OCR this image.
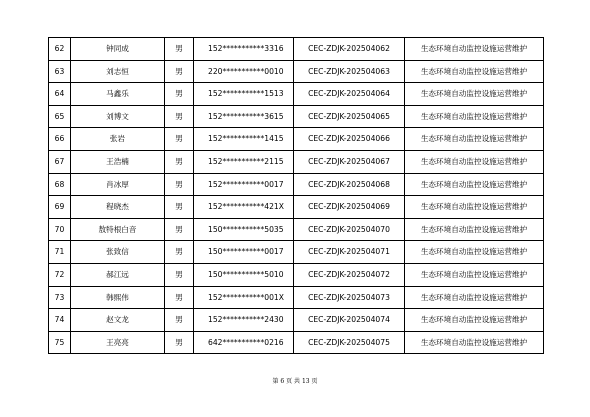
62	钟同成	男	152***********3316	CEC-ZDJK-202504062	生态环境自动监控设施运营维护
63	刘志恒	男	220***********0010	CEC-ZDJK-202504063	生态环境自动监控设施运营维护
64	马鑫乐	男	152***********1513	CEC-ZDJK-202504064	生态环境自动监控设施运营维护
65	刘博文	男	152***********3615	CEC-ZDJK-202504065	生态环境自动监控设施运营维护
66	张岩	男	152***********1415	CEC-ZDJK-202504066	生态环境自动监控设施运营维护
67	王浩楠	男	152***********2115	CEC-ZDJK-202504067	生态环境自动监控设施运营维护
68	肖冰厚	男	152***********0017	CEC-ZDJK-202504068	生态环境自动监控设施运营维护
69	程晓杰	男	152***********421X	CEC-ZDJK-202504069	生态环境自动监控设施运营维护
70	敖特根白音	男	150***********5035	CEC-ZDJK-202504070	生态环境自动监控设施运营维护
71	张致信	男	150***********0017	CEC-ZDJK-202504071	生态环境自动监控设施运营维护
72	郝江远	男	150***********5010	CEC-ZDJK-202504072	生态环境自动监控设施运营维护
73	韩熙伟	男	152***********001X	CEC-ZDJK-202504073	生态环境自动监控设施运营维护
74	赵文龙	男	152***********2430	CEC-ZDJK-202504074	生态环境自动监控设施运营维护
75	王亮亮	男	642***********0216	CEC-ZDJK-202504075	生态环境自动监控设施运营维护
第 6 页 共 13 页
